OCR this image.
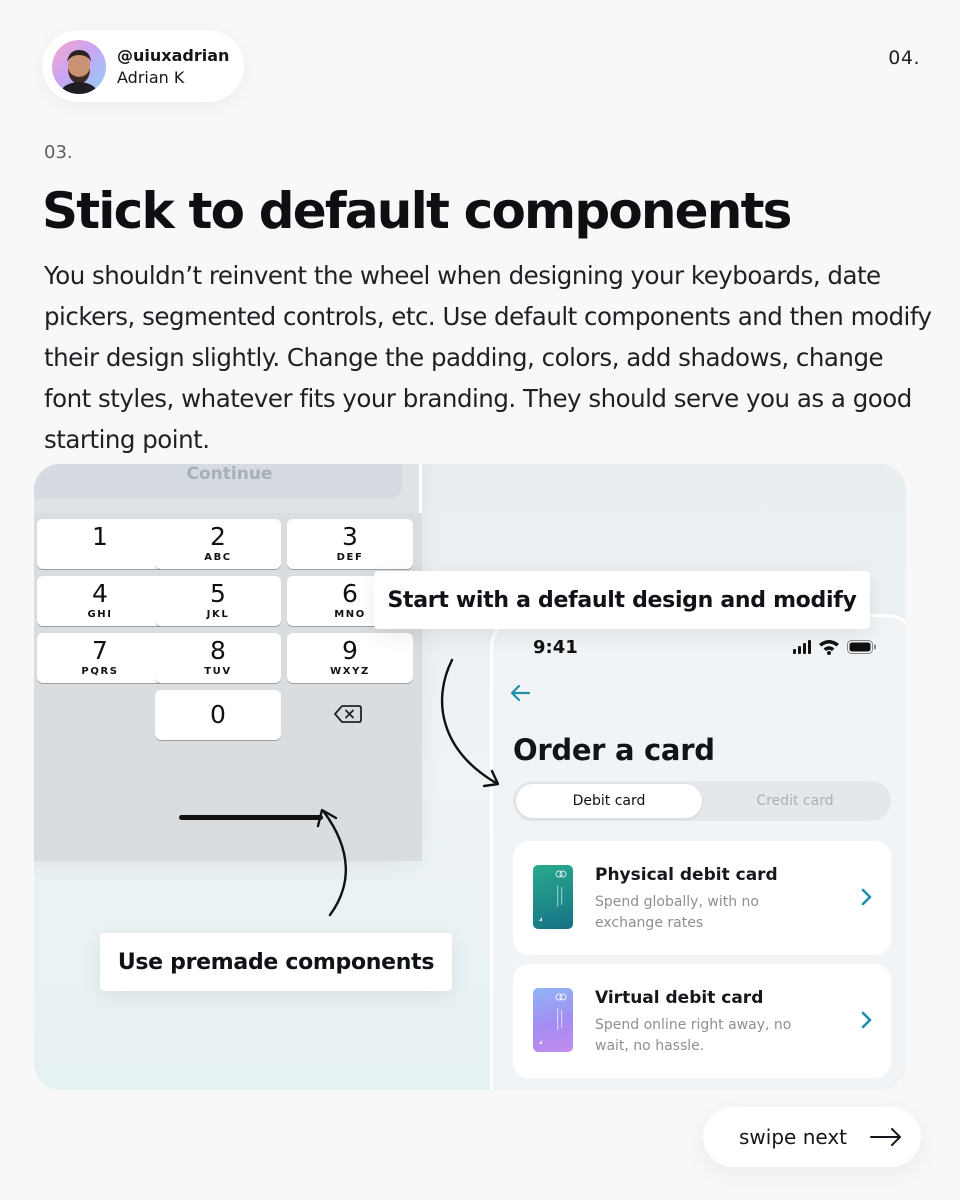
@uiuxadrian
Adrian K
04.
03.
Stick to default components

You shouldn’t reinvent the wheel when designing your keyboards, date pickers, segmented controls, etc. Use default components and then modify their design slightly. Change the padding, colors, add shadows, change font styles, whatever fits your branding. They should serve you as a good starting point.

Continue
1	2
ABC
3
DEF
4
GHI
5
JKL
6
MNO
7
PQRS
8
TUV
9
WXYZ
0
9:41
Order a card
Debit card	Credit card
Physical debit card
Spend globally, with no exchange rates
Virtual debit card
Spend online right away, no wait, no hassle.
Start with a default design and modify
Use premade components
swipe next
